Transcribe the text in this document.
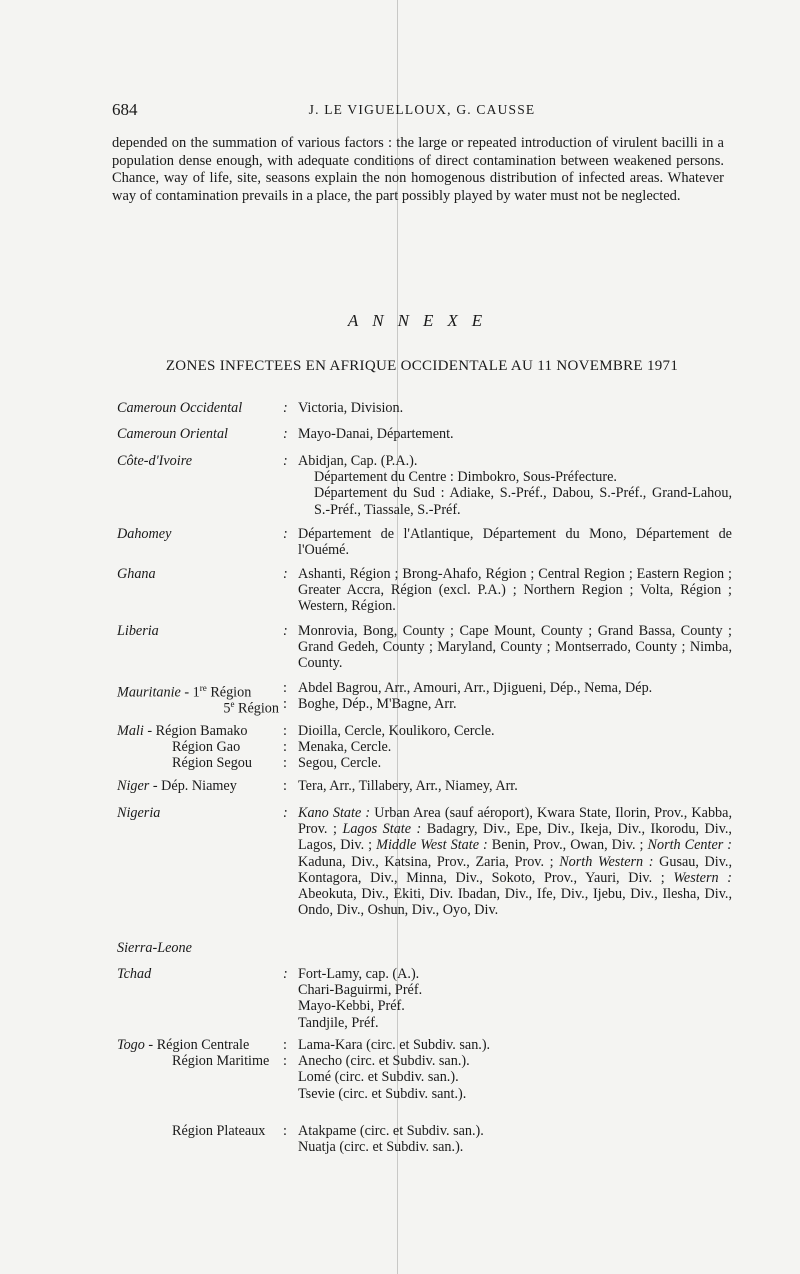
684	J. LE VIGUELLOUX, G. CAUSSE

depended on the summation of various factors : the large or repeated introduction of virulent bacilli in a population dense enough, with adequate conditions of direct contamination between weakened persons. Chance, way of life, site, seasons explain the non homogenous distribution of infected areas. Whatever way of contamination prevails in a place, the part possibly played by water must not be neglected.

ANNEXE
ZONES INFECTEES EN AFRIQUE OCCIDENTALE AU 11 NOVEMBRE 1971
Cameroun Occidental	: Victoria, Division.
Cameroun Oriental	: Mayo-Danai, Département.
Côte-d'Ivoire	: Abidjan, Cap. (P.A.).
Département du Centre : Dimbokro, Sous-Préfecture.
Département du Sud : Adiake, S.-Préf., Dabou, S.-Préf., Grand-Lahou, S.-Préf., Tiassale, S.-Préf.
Dahomey	: Département de l'Atlantique, Département du Mono, Département de l'Ouémé.
Ghana	: Ashanti, Région ; Brong-Ahafo, Région ; Central Region ; Eastern Region ; Greater Accra, Région (excl. P.A.) ; Northern Region ; Volta, Région ; Western, Région.
Liberia	: Monrovia, Bong, County ; Cape Mount, County ; Grand Bassa, County ; Grand Gedeh, County ; Maryland, County ; Montserrado, County ; Nimba, County.
Mauritanie - 1re Région	: Abdel Bagrou, Arr., Amouri, Arr., Djigueni, Dép., Nema, Dép.
5e Région : Boghe, Dép., M'Bagne, Arr.
Mali - Région Bamako	: Dioilla, Cercle, Koulikoro, Cercle.
Région Gao	: Menaka, Cercle.
Région Segou	: Segou, Cercle.
Niger - Dép. Niamey	: Tera, Arr., Tillabery, Arr., Niamey, Arr.
Nigeria	: Kano State : Urban Area (sauf aéroport), Kwara State, Ilorin, Prov., Kabba, Prov. ; Lagos State : Badagry, Div., Epe, Div., Ikeja, Div., Ikorodu, Div., Lagos, Div. ; Middle West State : Benin, Prov., Owan, Div. ; North Center : Kaduna, Div., Katsina, Prov., Zaria, Prov. ; North Western : Gusau, Div., Kontagora, Div., Minna, Div., Sokoto, Prov., Yauri, Div. ; Western : Abeokuta, Div., Ekiti, Div. Ibadan, Div., Ife, Div., Ijebu, Div., Ilesha, Div., Ondo, Div., Oshun, Div., Oyo, Div.
Sierra-Leone
Tchad	: Fort-Lamy, cap. (A.).
Chari-Baguirmi, Préf.
Mayo-Kebbi, Préf.
Tandjile, Préf.
Togo - Région Centrale	: Lama-Kara (circ. et Subdiv. san.).
Région Maritime : Anecho (circ. et Subdiv. san.).
Lomé (circ. et Subdiv. san.).
Tsevie (circ. et Subdiv. sant.).
Région Plateaux	: Atakpame (circ. et Subdiv. san.).
Nuatja (circ. et Subdiv. san.).
